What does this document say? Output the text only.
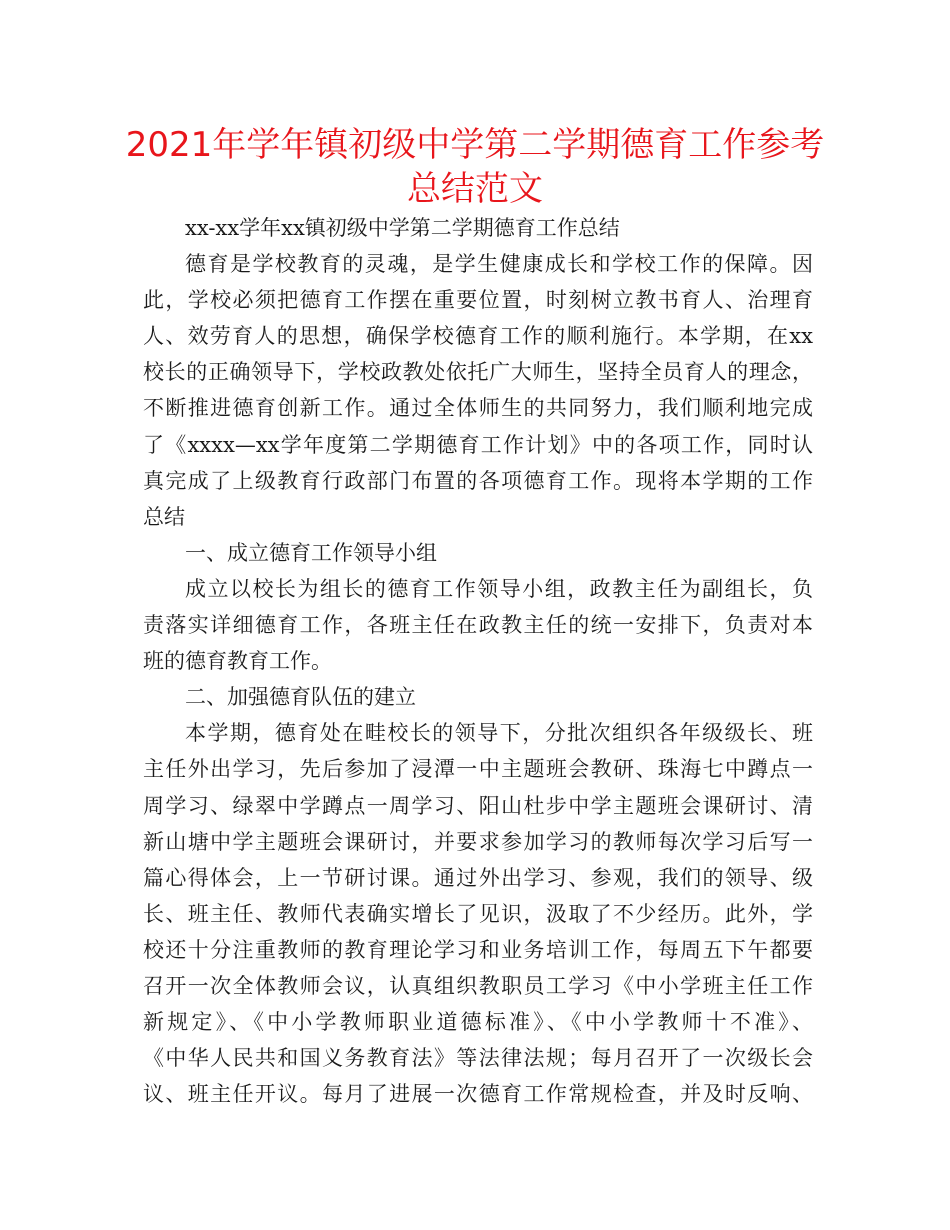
2021年学年镇初级中学第二学期德育工作参考
总结范文
xx-xx学年xx镇初级中学第二学期德育工作总结
德育是学校教育的灵魂，是学生健康成长和学校工作的保障。因
此，学校必须把德育工作摆在重要位置，时刻树立教书育人、治理育
人、效劳育人的思想，确保学校德育工作的顺利施行。本学期，在xx
校长的正确领导下，学校政教处依托广大师生，坚持全员育人的理念，
不断推进德育创新工作。通过全体师生的共同努力，我们顺利地完成
了《xxxx—xx学年度第二学期德育工作计划》中的各项工作，同时认
真完成了上级教育行政部门布置的各项德育工作。现将本学期的工作
总结
一、成立德育工作领导小组
成立以校长为组长的德育工作领导小组，政教主任为副组长，负
责落实详细德育工作，各班主任在政教主任的统一安排下，负责对本
班的德育教育工作。
二、加强德育队伍的建立
本学期，德育处在畦校长的领导下，分批次组织各年级级长、班
主任外出学习，先后参加了浸潭一中主题班会教研、珠海七中蹲点一
周学习、绿翠中学蹲点一周学习、阳山杜步中学主题班会课研讨、清
新山塘中学主题班会课研讨，并要求参加学习的教师每次学习后写一
篇心得体会，上一节研讨课。通过外出学习、参观，我们的领导、级
长、班主任、教师代表确实增长了见识，汲取了不少经历。此外，学
校还十分注重教师的教育理论学习和业务培训工作，每周五下午都要
召开一次全体教师会议，认真组织教职员工学习《中小学班主任工作
新规定》、《中小学教师职业道德标准》、《中小学教师十不准》、
《中华人民共和国义务教育法》等法律法规；每月召开了一次级长会
议、班主任开议。每月了进展一次德育工作常规检查，并及时反响、
